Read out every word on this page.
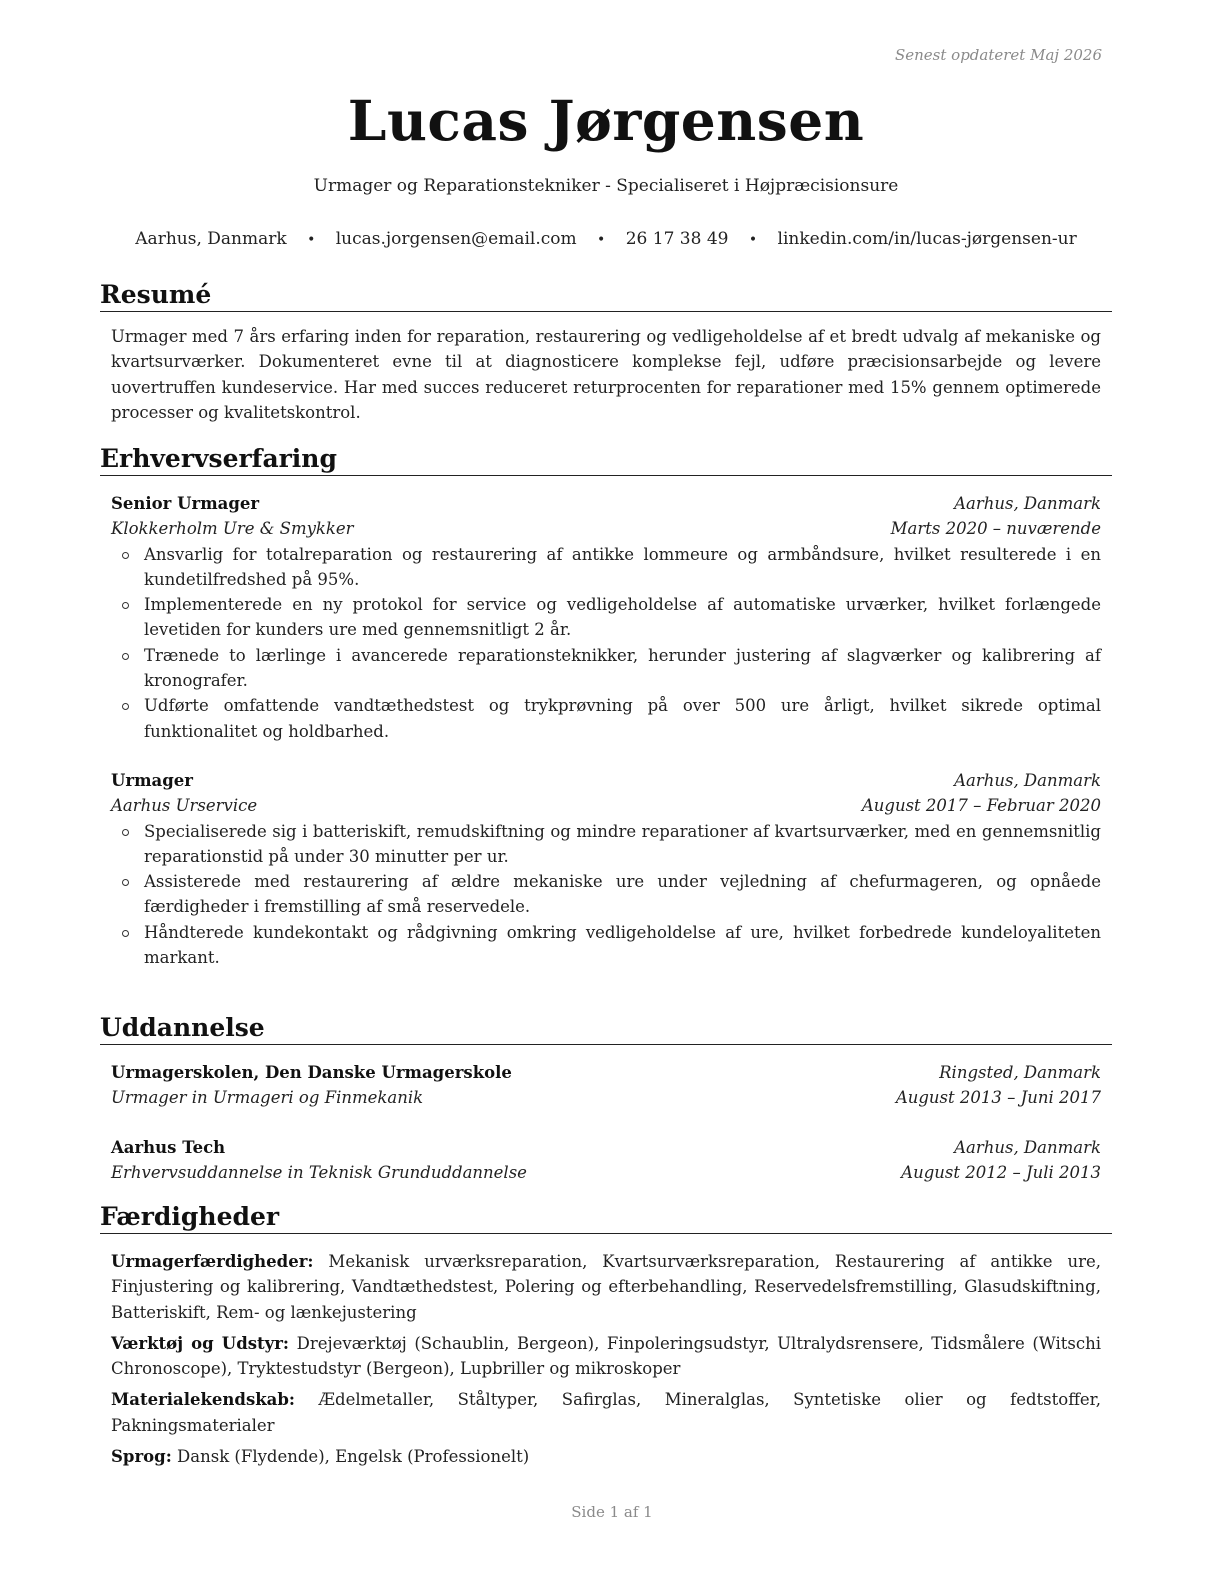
Senest opdateret Maj 2026
Lucas Jørgensen
Urmager og Reparationstekniker - Specialiseret i Højpræcisionsure
Aarhus, Danmark • lucas.jorgensen@email.com • 26 17 38 49 • linkedin.com/in/lucas-jørgensen-ur
Resumé
Urmager med 7 års erfaring inden for reparation, restaurering og vedligeholdelse af et bredt udvalg af mekaniske og kvartsurværker. Dokumenteret evne til at diagnosticere komplekse fejl, udføre præcisionsarbejde og levere uovertruffen kundeservice. Har med succes reduceret returprocenten for reparationer med 15% gennem optimerede processer og kvalitetskontrol.
Erhvervserfaring
Senior Urmager	Aarhus, Danmark
Klokkerholm Ure & Smykker	Marts 2020 – nuværende
Ansvarlig for totalreparation og restaurering af antikke lommeure og armbåndsure, hvilket resulterede i en kundetilfredshed på 95%.
Implementerede en ny protokol for service og vedligeholdelse af automatiske urværker, hvilket forlængede levetiden for kunders ure med gennemsnitligt 2 år.
Trænede to lærlinge i avancerede reparationsteknikker, herunder justering af slagværker og kalibrering af kronografer.
Udførte omfattende vandtæthedstest og trykprøvning på over 500 ure årligt, hvilket sikrede optimal funktionalitet og holdbarhed.
Urmager	Aarhus, Danmark
Aarhus Urservice	August 2017 – Februar 2020
Specialiserede sig i batteriskift, remudskiftning og mindre reparationer af kvartsurværker, med en gennemsnitlig reparationstid på under 30 minutter per ur.
Assisterede med restaurering af ældre mekaniske ure under vejledning af chefurmageren, og opnåede færdigheder i fremstilling af små reservedele.
Håndterede kundekontakt og rådgivning omkring vedligeholdelse af ure, hvilket forbedrede kundeloyaliteten markant.
Uddannelse
Urmagerskolen, Den Danske Urmagerskole	Ringsted, Danmark
Urmager in Urmageri og Finmekanik	August 2013 – Juni 2017
Aarhus Tech	Aarhus, Danmark
Erhvervsuddannelse in Teknisk Grunduddannelse	August 2012 – Juli 2013
Færdigheder
Urmagerfærdigheder: Mekanisk urværksreparation, Kvartsurværksreparation, Restaurering af antikke ure, Finjustering og kalibrering, Vandtæthedstest, Polering og efterbehandling, Reservedelsfremstilling, Glasudskiftning, Batteriskift, Rem- og lænkejustering
Værktøj og Udstyr: Drejeværktøj (Schaublin, Bergeon), Finpoleringsudstyr, Ultralydsrensere, Tidsmålere (Witschi Chronoscope), Tryktestudstyr (Bergeon), Lupbriller og mikroskoper
Materialekendskab: Ædelmetaller, Ståltyper, Safirglas, Mineralglas, Syntetiske olier og fedtstoffer, Pakningsmaterialer
Sprog: Dansk (Flydende), Engelsk (Professionelt)
Side 1 af 1
